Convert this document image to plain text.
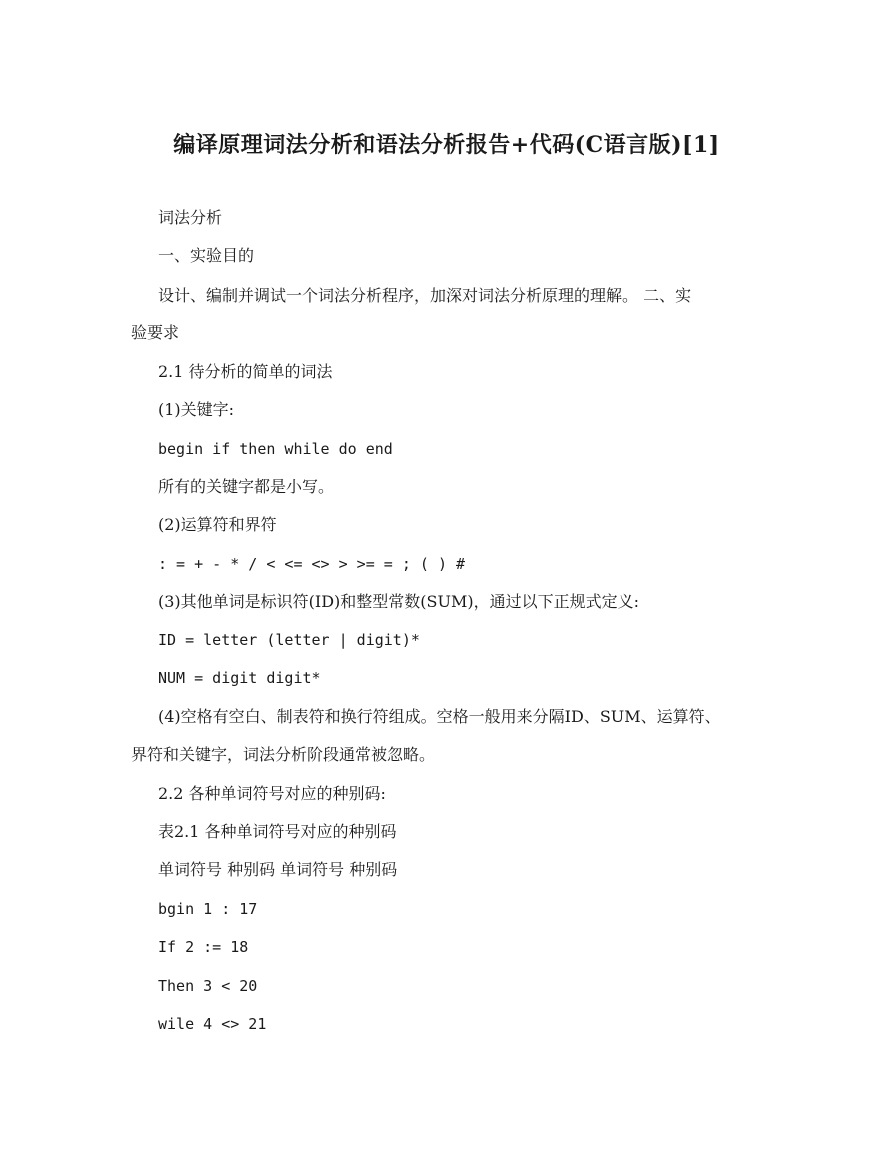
编译原理词法分析和语法分析报告+代码(C语言版)[1]
词法分析
一、实验目的
设计、编制并调试一个词法分析程序，加深对词法分析原理的理解。 二、实
验要求
2.1 待分析的简单的词法
(1)关键字:
begin if then while do end
所有的关键字都是小写。
(2)运算符和界符
: = + - * / < <= <> > >= = ; ( ) #
(3)其他单词是标识符(ID)和整型常数(SUM)，通过以下正规式定义:
ID = letter (letter | digit)*
NUM = digit digit*
(4)空格有空白、制表符和换行符组成。空格一般用来分隔ID、SUM、运算符、
界符和关键字，词法分析阶段通常被忽略。
2.2 各种单词符号对应的种别码:
表2.1 各种单词符号对应的种别码
单词符号 种别码 单词符号 种别码
bgin 1 : 17
If 2 := 18
Then 3 < 20
wile 4 <> 21
